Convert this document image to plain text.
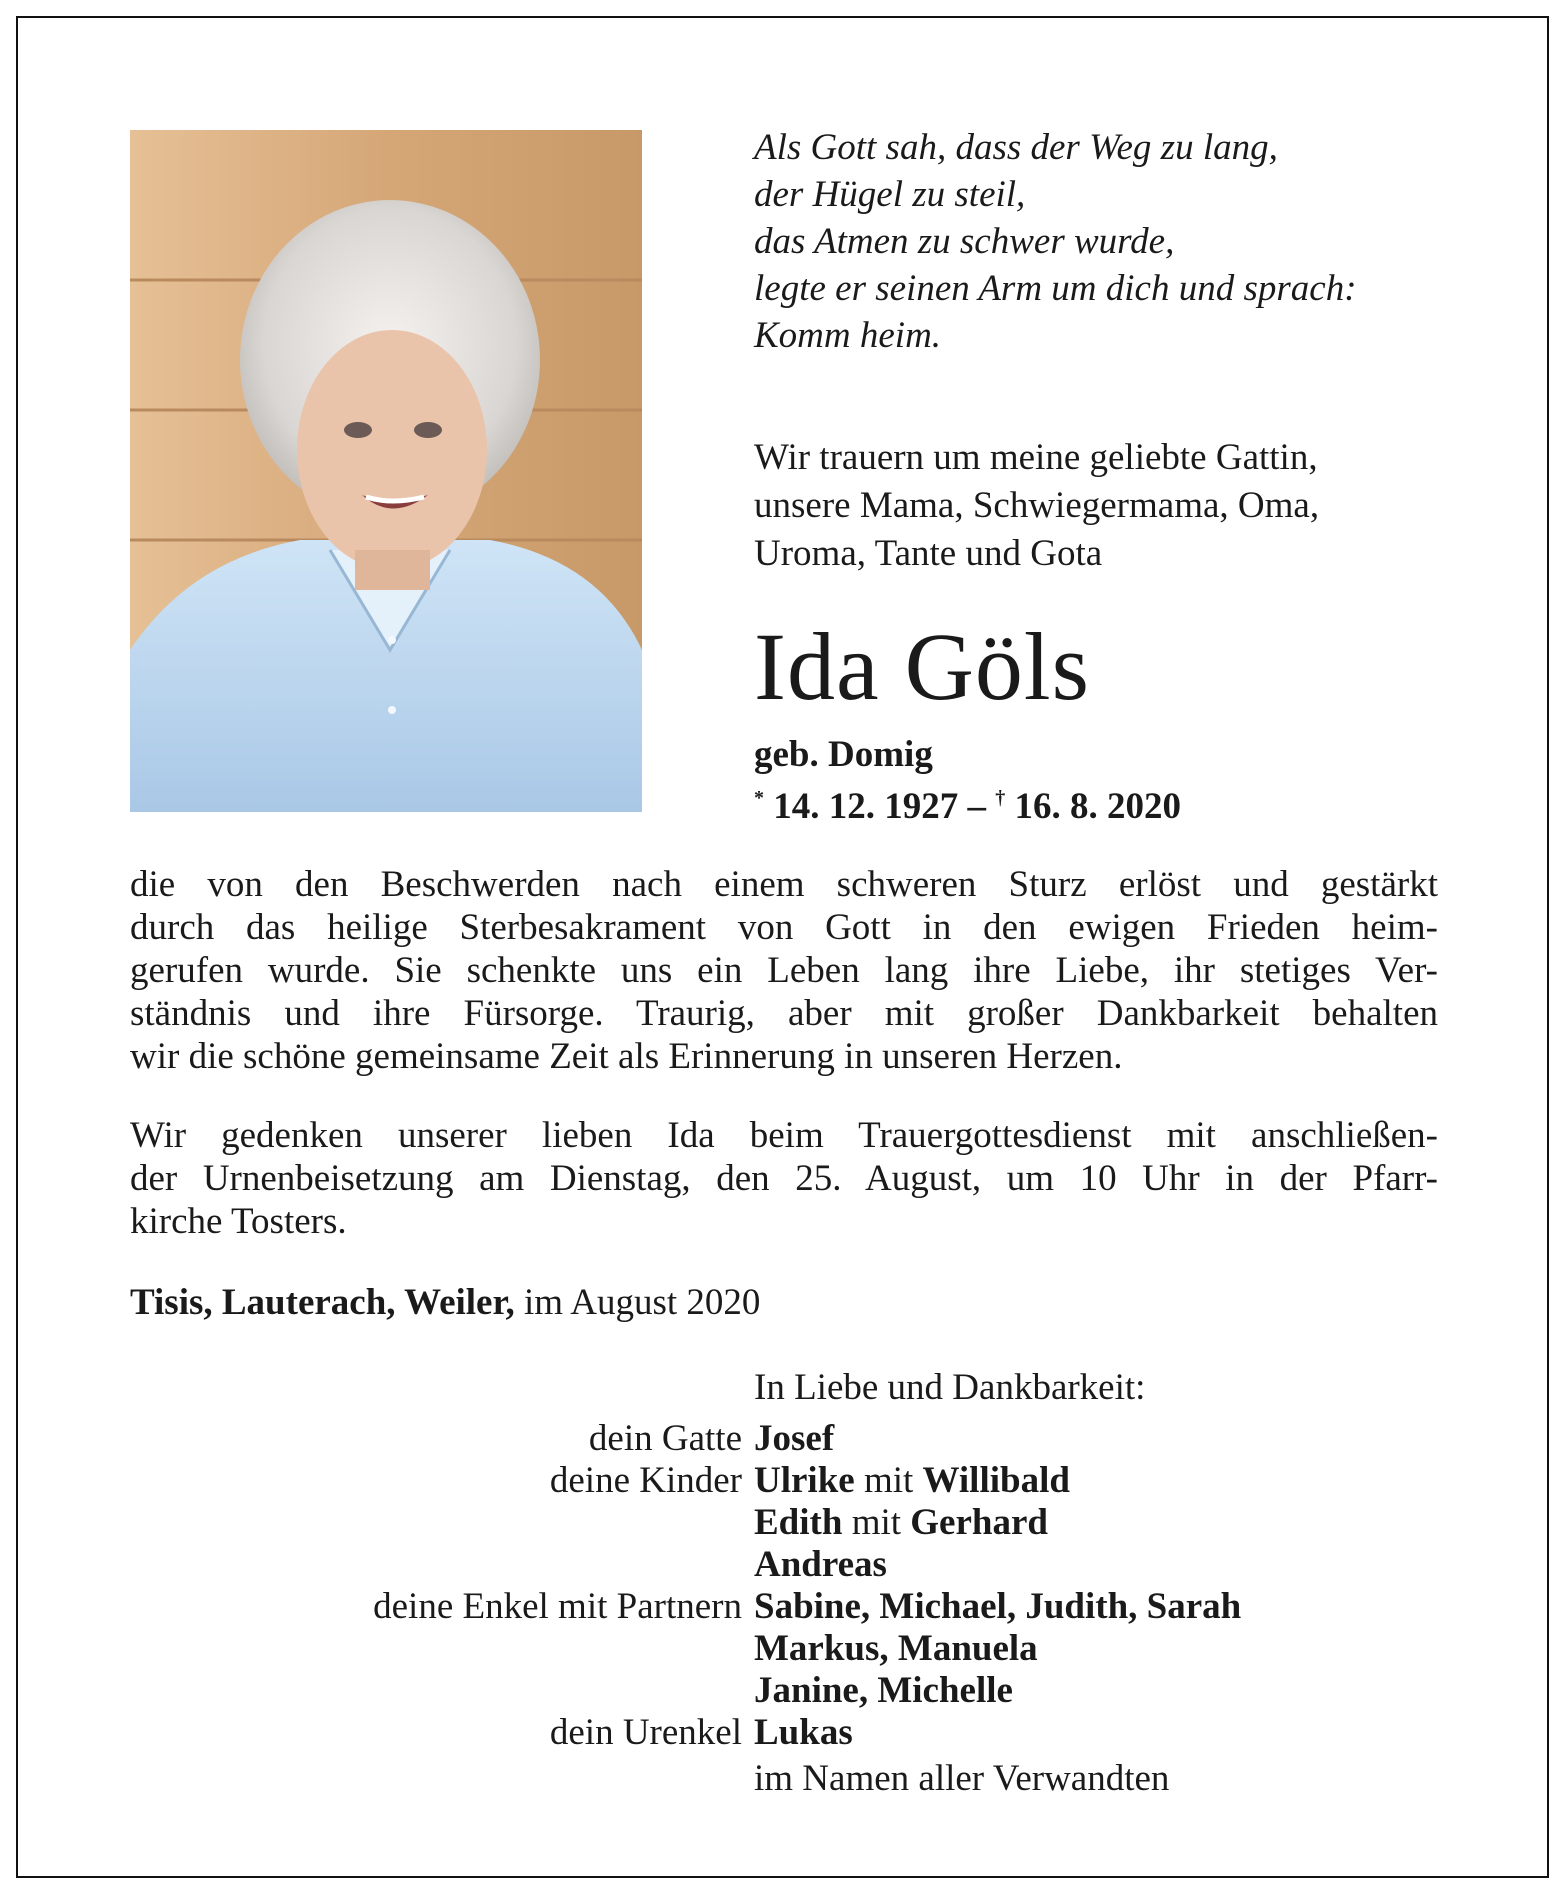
Als Gott sah, dass der Weg zu lang,
der Hügel zu steil,
das Atmen zu schwer wurde,
legte er seinen Arm um dich und sprach:
Komm heim.
Wir trauern um meine geliebte Gattin,
unsere Mama, Schwiegermama, Oma,
Uroma, Tante und Gota
Ida Göls
geb. Domig
* 14. 12. 1927 – † 16. 8. 2020
die von den Beschwerden nach einem schweren Sturz erlöst und gestärkt
durch das heilige Sterbesakrament von Gott in den ewigen Frieden heim-
gerufen wurde. Sie schenkte uns ein Leben lang ihre Liebe, ihr stetiges Ver-
ständnis und ihre Fürsorge. Traurig, aber mit großer Dankbarkeit behalten
wir die schöne gemeinsame Zeit als Erinnerung in unseren Herzen.
Wir gedenken unserer lieben Ida beim Trauergottesdienst mit anschließen-
der Urnenbeisetzung am Dienstag, den 25. August, um 10 Uhr in der Pfarr-
kirche Tosters.
Tisis, Lauterach, Weiler, im August 2020
In Liebe und Dankbarkeit:
dein Gatte Josef
deine Kinder Ulrike mit Willibald
Edith mit Gerhard
Andreas
deine Enkel mit Partnern Sabine, Michael, Judith, Sarah
Markus, Manuela
Janine, Michelle
dein Urenkel Lukas
im Namen aller Verwandten
